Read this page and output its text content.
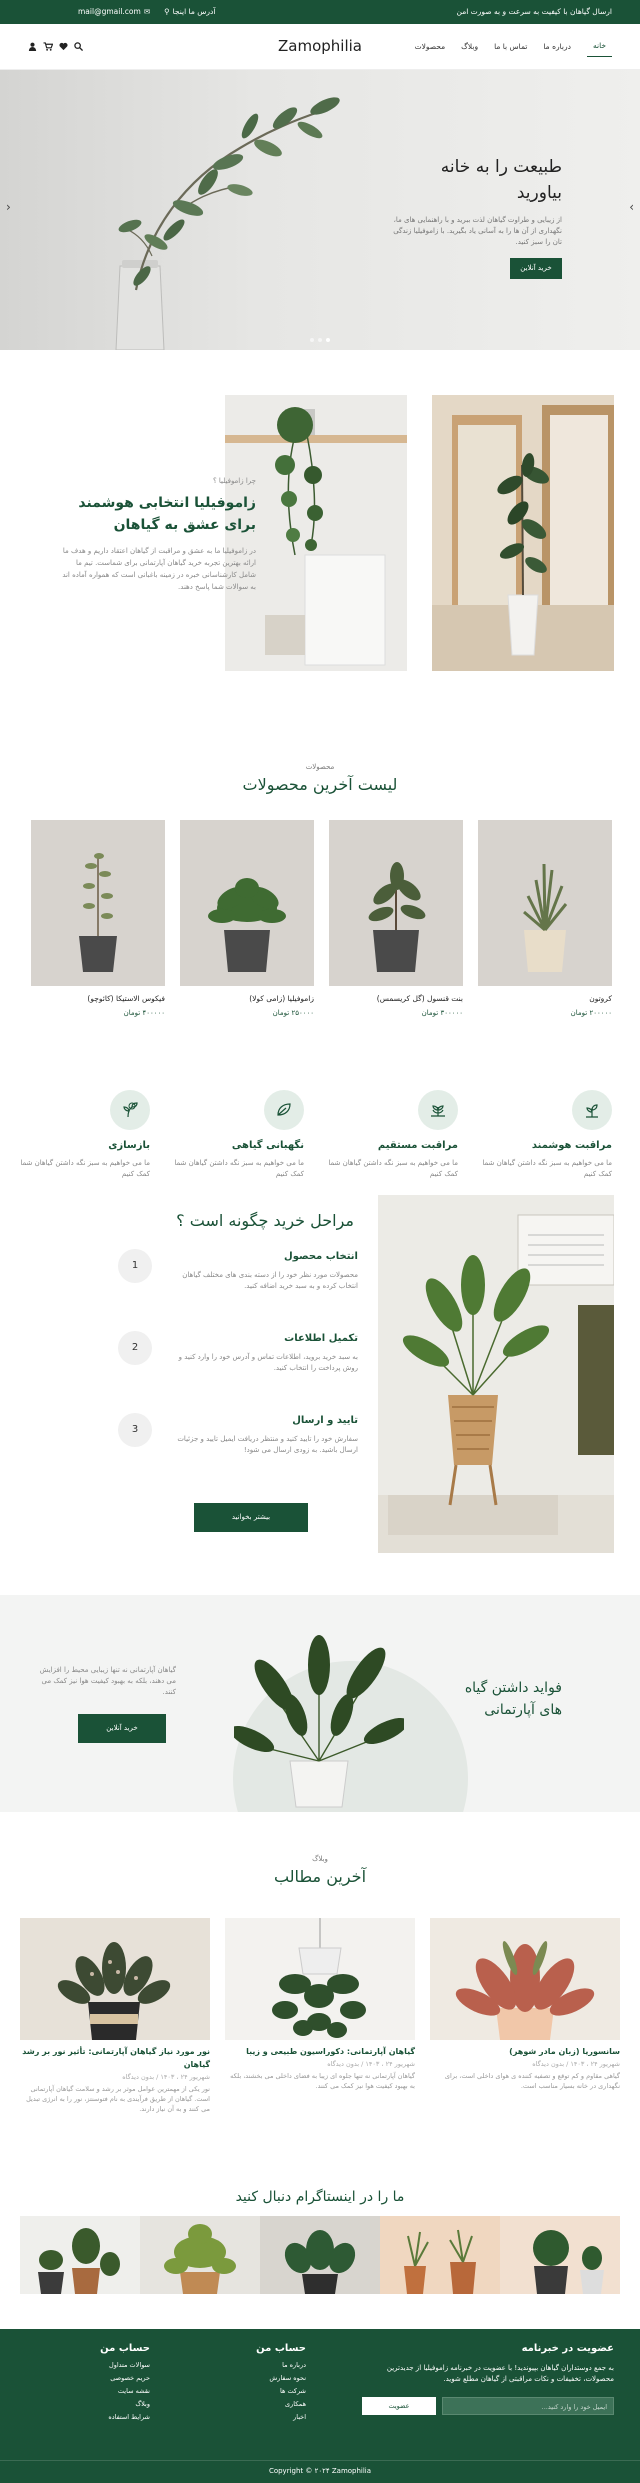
ارسال گیاهان با کیفیت به سرعت و به صورت امن
mail@gmail.com ✉ ⚲ آدرس ما اینجا
خانه
درباره ما
تماس با ما
وبلاگ
محصولات
Zamophilia
طبیعت را به خانه بیاورید

از زیبایی و طراوت گیاهان لذت ببرید و با راهنمایی های ما، نگهداری از آن ها را به آسانی یاد بگیرید. با زاموفیلیا زندگی تان را سبز کنید.

خرید آنلاین
‹	›
چرا زاموفیلیا ؟
زاموفیلیا انتخابی هوشمند برای عشق به گیاهان

در زاموفیلیا ما به عشق و مراقبت از گیاهان اعتقاد داریم و هدف ما ارائه بهترین تجربه خرید گیاهان آپارتمانی برای شماست. تیم ما شامل کارشناسانی خبره در زمینه باغبانی است که همواره آماده اند به سوالات شما پاسخ دهند.

محصولات
لیست آخرین محصولات
کروتون
۲۰۰۰۰۰ تومان
بنت قنسول (گل کریسمس)
۳۰۰۰۰۰ تومان
زاموفیلیا (زامی کولا)
۲۵۰۰۰۰ تومان
فیکوس الاستیکا (کائوچو)
۴۰۰۰۰۰ تومان
مراقبت هوشمند

ما می خواهیم به سبز نگه داشتن گیاهان شما کمک کنیم

مراقبت مستقیم

ما می خواهیم به سبز نگه داشتن گیاهان شما کمک کنیم

نگهبانی گیاهی

ما می خواهیم به سبز نگه داشتن گیاهان شما کمک کنیم

بازسازی

ما می خواهیم به سبز نگه داشتن گیاهان شما کمک کنیم

مراحل خرید چگونه است ؟
1
انتخاب محصول

محصولات مورد نظر خود را از دسته بندی های مختلف گیاهان انتخاب کرده و به سبد خرید اضافه کنید.

2
تکمیل اطلاعات

به سبد خرید بروید، اطلاعات تماس و آدرس خود را وارد کنید و روش پرداخت را انتخاب کنید.

3
تایید و ارسال

سفارش خود را تایید کنید و منتظر دریافت ایمیل تایید و جزئیات ارسال باشید. به زودی ارسال می شود!

بیشتر بخوانید
فواید داشتن گیاه های آپارتمانی

گیاهان آپارتمانی نه تنها زیبایی محیط را افزایش می دهند، بلکه به بهبود کیفیت هوا نیز کمک می کنند.

خرید آنلاین
وبلاگ
آخرین مطالب
سانسوریا (زبان مادر شوهر)
شهریور ۲۴ ، ۱۴۰۳ / بدون دیدگاه

گیاهی مقاوم و کم توقع و تصفیه کننده ی هوای داخلی است، برای نگهداری در خانه بسیار مناسب است.

گیاهان آپارتمانی: دکوراسیون طبیعی و زیبا
شهریور ۲۴ ، ۱۴۰۳ / بدون دیدگاه

گیاهان آپارتمانی نه تنها جلوه ای زیبا به فضای داخلی می بخشند، بلکه به بهبود کیفیت هوا نیز کمک می کنند.

نور مورد نیاز گیاهان آپارتمانی: تأثیر نور بر رشد گیاهان
شهریور ۲۴ ، ۱۴۰۳ / بدون دیدگاه

نور یکی از مهمترین عوامل موثر بر رشد و سلامت گیاهان آپارتمانی است. گیاهان از طریق فرآیندی به نام فتوسنتز، نور را به انرژی تبدیل می کنند و به آن نیاز دارند.

ما را در اینستاگرام دنبال کنید
عضویت در خبرنامه

به جمع دوستداران گیاهان بپیوندید! با عضویت در خبرنامه زاموفیلیا از جدیدترین محصولات، تخفیفات و نکات مراقبتی از گیاهان مطلع شوید.

ایمیل خود را وارد کنید...
عضویت
حساب من
درباره ما
نحوه سفارش
شرکت ها
همکاری
اخبار
حساب من
سوالات متداول
حریم خصوصی
نقشه سایت
وبلاگ
شرایط استفاده
Copyright © ۲۰۲۴ Zamophilia
